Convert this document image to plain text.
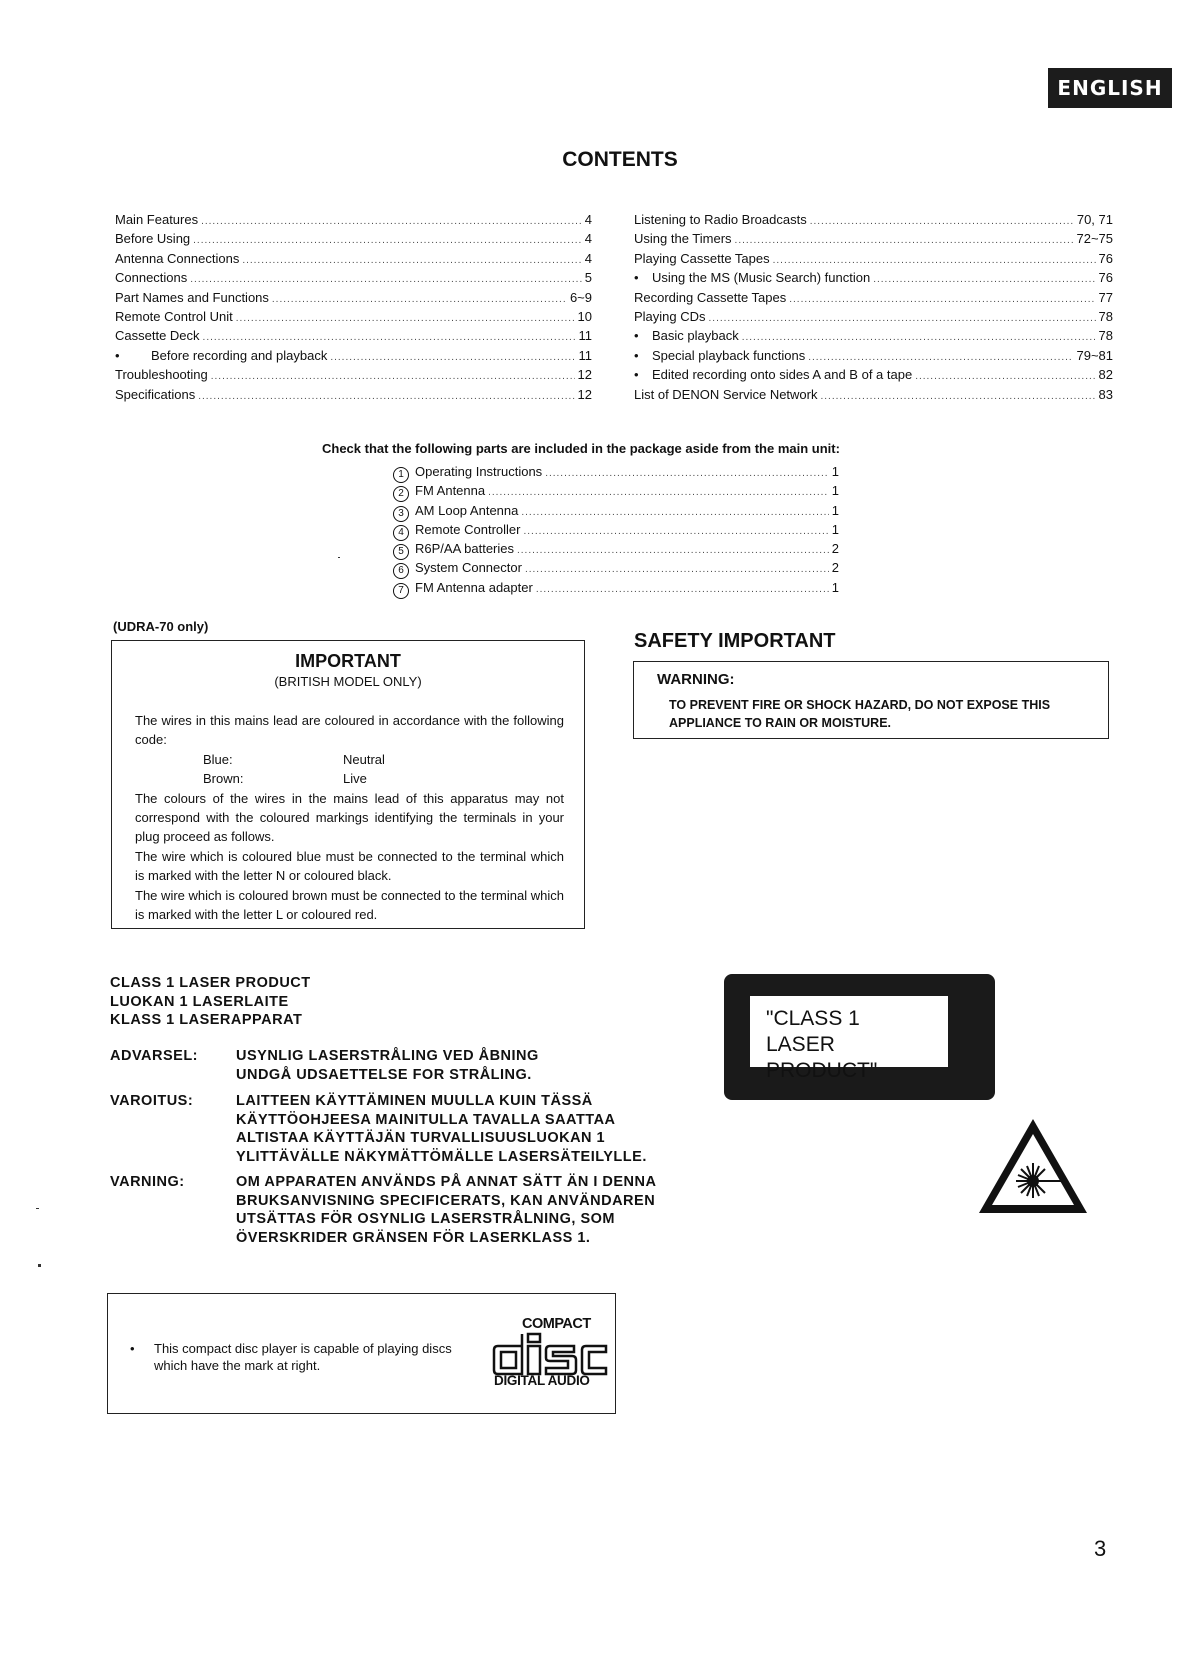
ENGLISH
CONTENTS
Main Features .....	4
Before Using .....	4
Antenna Connections .....	4
Connections .....	5
Part Names and Functions .....	6~9
Remote Control Unit .....	10
Cassette Deck .....	11
•	Before recording and playback .....	11
Troubleshooting .....	12
Specifications .....	12
Listening to Radio Broadcasts .....	70, 71
Using the Timers .....	72~75
Playing Cassette Tapes .....	76
•	Using the MS (Music Search) function .....	76
Recording Cassette Tapes .....	77
Playing CDs .....	78
•	Basic playback .....	78
•	Special playback functions .....	79~81
•	Edited recording onto sides A and B of a tape .....	82
List of DENON Service Network .....	83
Check that the following parts are included in the package aside from the main unit:
1 Operating Instructions .....	1
2 FM Antenna .....	1
3 AM Loop Antenna .....	1
4 Remote Controller .....	1
5 R6P/AA batteries .....	2
6 System Connector .....	2
7 FM Antenna adapter .....	1
(UDRA-70 only)
IMPORTANT
(BRITISH MODEL ONLY)

The wires in this mains lead are coloured in accordance with the following code:

Blue:	Neutral
Brown:	Live

The colours of the wires in the mains lead of this apparatus may not correspond with the coloured markings identifying the terminals in your plug proceed as follows.

The wire which is coloured blue must be connected to the terminal which is marked with the letter N or coloured black.

The wire which is coloured brown must be connected to the terminal which is marked with the letter L or coloured red.

SAFETY IMPORTANT
WARNING:
TO PREVENT FIRE OR SHOCK HAZARD, DO NOT EXPOSE THIS
APPLIANCE TO RAIN OR MOISTURE.
CLASS 1 LASER PRODUCT
LUOKAN 1 LASERLAITE
KLASS 1 LASERAPPARAT
ADVARSEL:	USYNLIG LASERSTRÅLING VED ÅBNING
UNDGÅ UDSAETTELSE FOR STRÅLING.
VAROITUS:	LAITTEEN KÄYTTÄMINEN MUULLA KUIN TÄSSÄ
KÄYTTÖOHJEESA MAINITULLA TAVALLA SAATTAA
ALTISTAA KÄYTTÄJÄN TURVALLISUUSLUOKAN 1
YLITTÄVÄLLE NÄKYMÄTTÖMÄLLE LASERSÄTEILYLLE.
VARNING:	OM APPARATEN ANVÄNDS PÅ ANNAT SÄTT ÄN I DENNA
BRUKSANVISNING SPECIFICERATS, KAN ANVÄNDAREN
UTSÄTTAS FÖR OSYNLIG LASERSTRÅLNING, SOM
ÖVERSKRIDER GRÄNSEN FÖR LASERKLASS 1.
"CLASS 1
LASER PRODUCT"
• This compact disc player is capable of playing discs which have the mark at right.
COMPACT
DIGITAL AUDIO
3
